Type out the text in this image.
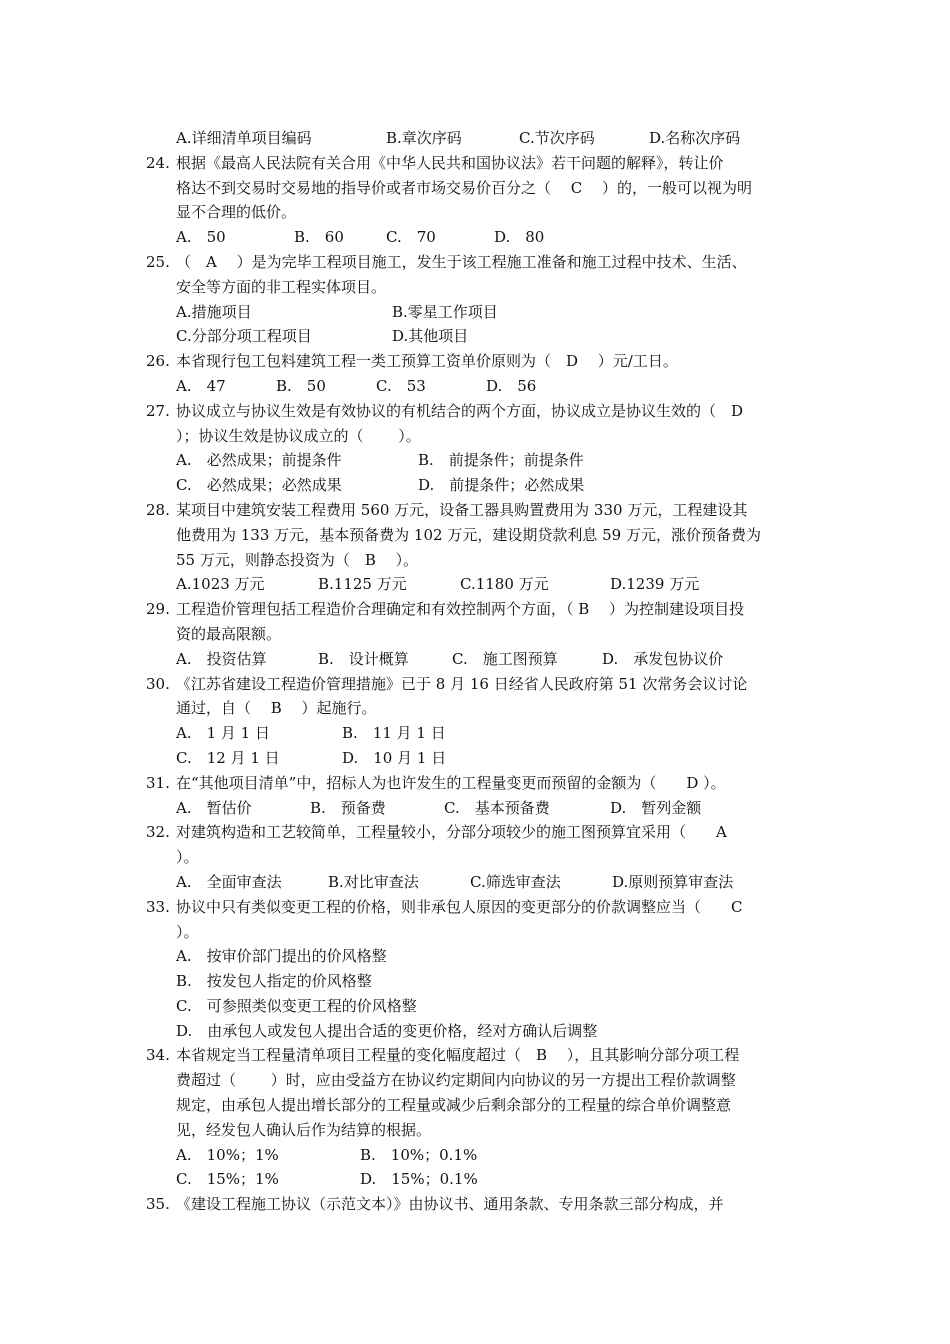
A.详细清单项目编码	B.章次序码	C.节次序码	D.名称次序码
24. 根据《最高人民法院有关合用《中华人民共和国协议法》若干问题的解释》，转让价
格达不到交易时交易地的指导价或者市场交易价百分之（　 C　 ）的，一般可以视为明
显不合理的低价。
A.　50	B.　60	C.　70	D.　80
25. （　A　 ）是为完毕工程项目施工，发生于该工程施工准备和施工过程中技术、生活、
安全等方面的非工程实体项目。
A.措施项目	B.零星工作项目
C.分部分项工程项目	D.其他项目
26. 本省现行包工包料建筑工程一类工预算工资单价原则为（　D　 ）元/工日。
A.　47	B.　50	C.　53	D.　56
27. 协议成立与协议生效是有效协议的有机结合的两个方面，协议成立是协议生效的（　D
）；协议生效是协议成立的（　　 ）。
A.　必然成果；前提条件	B.　前提条件；前提条件
C.　必然成果；必然成果	D.　前提条件；必然成果
28. 某项目中建筑安装工程费用 560 万元，设备工器具购置费用为 330 万元，工程建设其
他费用为 133 万元，基本预备费为 102 万元，建设期贷款利息 59 万元，涨价预备费为
55 万元，则静态投资为（　B　 ）。
A.1023 万元	B.1125 万元	C.1180 万元	D.1239 万元
29. 工程造价管理包括工程造价合理确定和有效控制两个方面，（ B　 ）为控制建设项目投
资的最高限额。
A.　投资估算	B.　设计概算	C.　施工图预算	D.　承发包协议价
30. 《江苏省建设工程造价管理措施》已于 8 月 16 日经省人民政府第 51 次常务会议讨论
通过，自（　 B　 ）起施行。
A.　1 月 1 日	B.　11 月 1 日
C.　12 月 1 日	D.　10 月 1 日
31. 在“其他项目清单”中，招标人为也许发生的工程量变更而预留的金额为（　　D ）。
A.　暂估价	B.　预备费	C.　基本预备费	D.　暂列金额
32. 对建筑构造和工艺较简单，工程量较小，分部分项较少的施工图预算宜采用（　　A
）。
A.　全面审查法	B.对比审查法	C.筛选审查法	D.原则预算审查法
33. 协议中只有类似变更工程的价格，则非承包人原因的变更部分的价款调整应当（　　C
）。
A.　按审价部门提出的价风格整
B.　按发包人指定的价风格整
C.　可参照类似变更工程的价风格整
D.　由承包人或发包人提出合适的变更价格，经对方确认后调整
34. 本省规定当工程量清单项目工程量的变化幅度超过（　B　 ），且其影响分部分项工程
费超过（　　 ）时，应由受益方在协议约定期间内向协议的另一方提出工程价款调整
规定，由承包人提出增长部分的工程量或减少后剩余部分的工程量的综合单价调整意
见，经发包人确认后作为结算的根据。
A.　10%；1%	B.　10%；0.1%
C.　15%；1%	D.　15%；0.1%
35. 《建设工程施工协议（示范文本）》由协议书、通用条款、专用条款三部分构成，并
